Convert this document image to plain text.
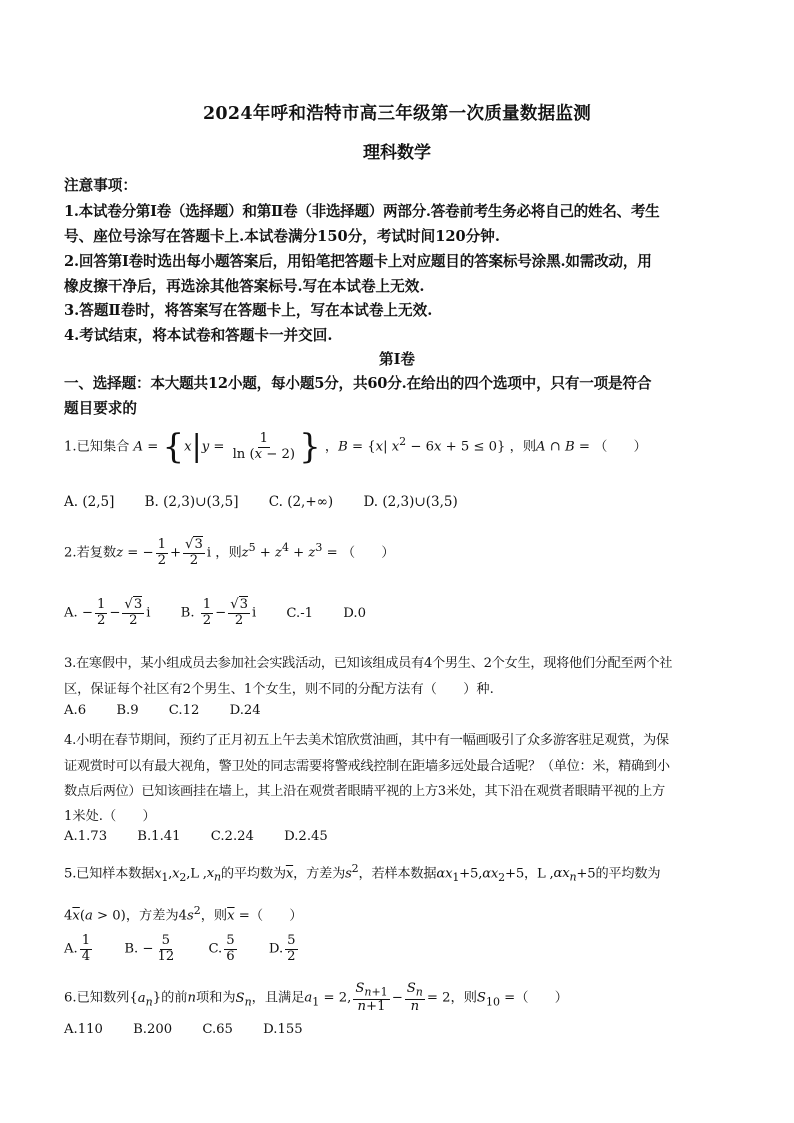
2024年呼和浩特市高三年级第一次质量数据监测
理科数学
注意事项：
1.本试卷分第Ⅰ卷（选择题）和第Ⅱ卷（非选择题）两部分.答卷前考生务必将自己的姓名、考生
号、座位号涂写在答题卡上.本试卷满分150分，考试时间120分钟.
2.回答第Ⅰ卷时选出每小题答案后，用铅笔把答题卡上对应题目的答案标号涂黑.如需改动，用
橡皮擦干净后，再选涂其他答案标号.写在本试卷上无效.
3.答题Ⅱ卷时，将答案写在答题卡上，写在本试卷上无效.
4.考试结束，将本试卷和答题卡一并交回.
第Ⅰ卷
一、选择题：本大题共12小题，每小题5分，共60分.在给出的四个选项中，只有一项是符合
题目要求的
1.已知集合 $A = \{x|y = \frac{1}{\ln (x - 2)}$ } ，B = {x| $x^2 - 6x + 5 \le 0$} ，则A ∩ B = （　　）
A. (2,5] B. (2,3)∪(3,5] C. (2,+∞) D. (2,3)∪(3,5)
2.若复数z = − $\frac{1}{2} + \frac{√3}{2}$ i ，则$z^5 + z^4 + z^3$ = （　　）
A. − $\frac{1}{2} - \frac{√3}{2}$ i B. $\frac{1}{2} - \frac{√3}{2}$ i C.-1 D.0
3.在寒假中，某小组成员去参加社会实践活动，已知该组成员有4个男生、2个女生，现将他们分配至两个社
区，保证每个社区有2个男生、1个女生，则不同的分配方法有（　　）种.
A.6 B.9 C.12 D.24
4.小明在春节期间，预约了正月初五上午去美术馆欣赏油画，其中有一幅画吸引了众多游客驻足观赏，为保
证观赏时可以有最大视角，警卫处的同志需要将警戒线控制在距墙多远处最合适呢？（单位：米，精确到小
数点后两位）已知该画挂在墙上，其上沿在观赏者眼睛平视的上方3米处，其下沿在观赏者眼睛平视的上方
1米处.（　　）
A.1.73 B.1.41 C.2.24 D.2.45
5.已知样本数据$x_1,x_2,L$ $,x_n$的平均数为$\overline{x}$，方差为$s^2$，若样本数据$\alpha x_1+5,\alpha x_2+5$，L $,\alpha x_n+5$的平均数为
$4\overline{x}(a > 0)$，方差为$4s^2$，则$\overline{x}$ =（　　）
A. $\frac{1}{4} B$. − $\frac{5}{12} C$. $\frac{5}{6} D$. $\frac{5}{2}$
6.已知数列$\{a_n\}$的前n项和为$S_n$，且满足$a_1 = 2$, $\frac{S_{n+1}}{n+1} - \frac{S_n}{n} = 2$，则$S_{10}$ =（　　）
A.110 B.200 C.65 D.155
